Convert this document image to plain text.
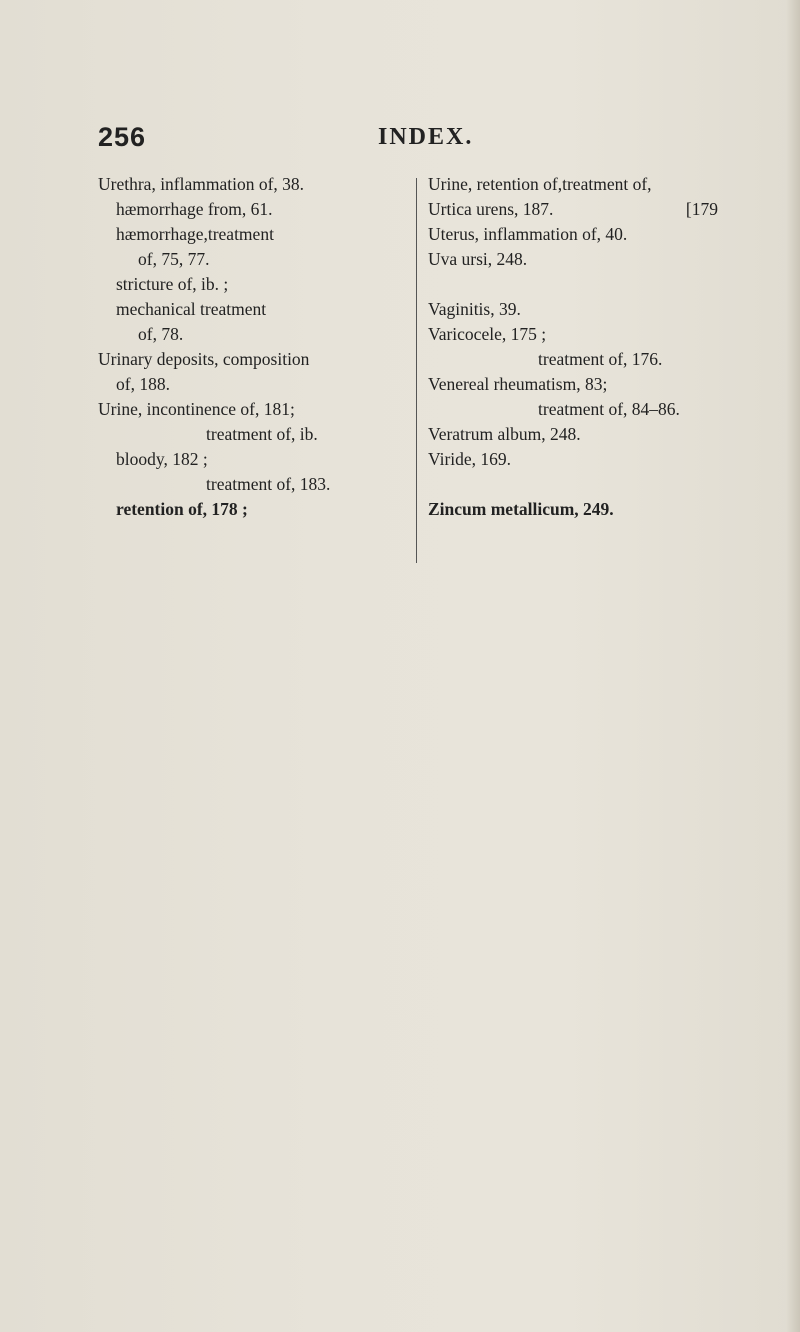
256	INDEX.
Urethra, inflammation of, 38.
hæmorrhage from, 61.
hæmorrhage,treatment
of, 75, 77.
stricture of, ib. ;
mechanical treatment
of, 78.
Urinary deposits, composition
of, 188.
Urine, incontinence of, 181;
treatment of, ib.
bloody, 182 ;
treatment of, 183.
retention of, 178 ;
Urine, retention of,treatment of,
Urtica urens, 187.	[179
Uterus, inflammation of, 40.
Uva ursi, 248.
Vaginitis, 39.
Varicocele, 175 ;
treatment of, 176.
Venereal rheumatism, 83;
treatment of, 84–86.
Veratrum album, 248.
Viride, 169.
Zincum metallicum, 249.
